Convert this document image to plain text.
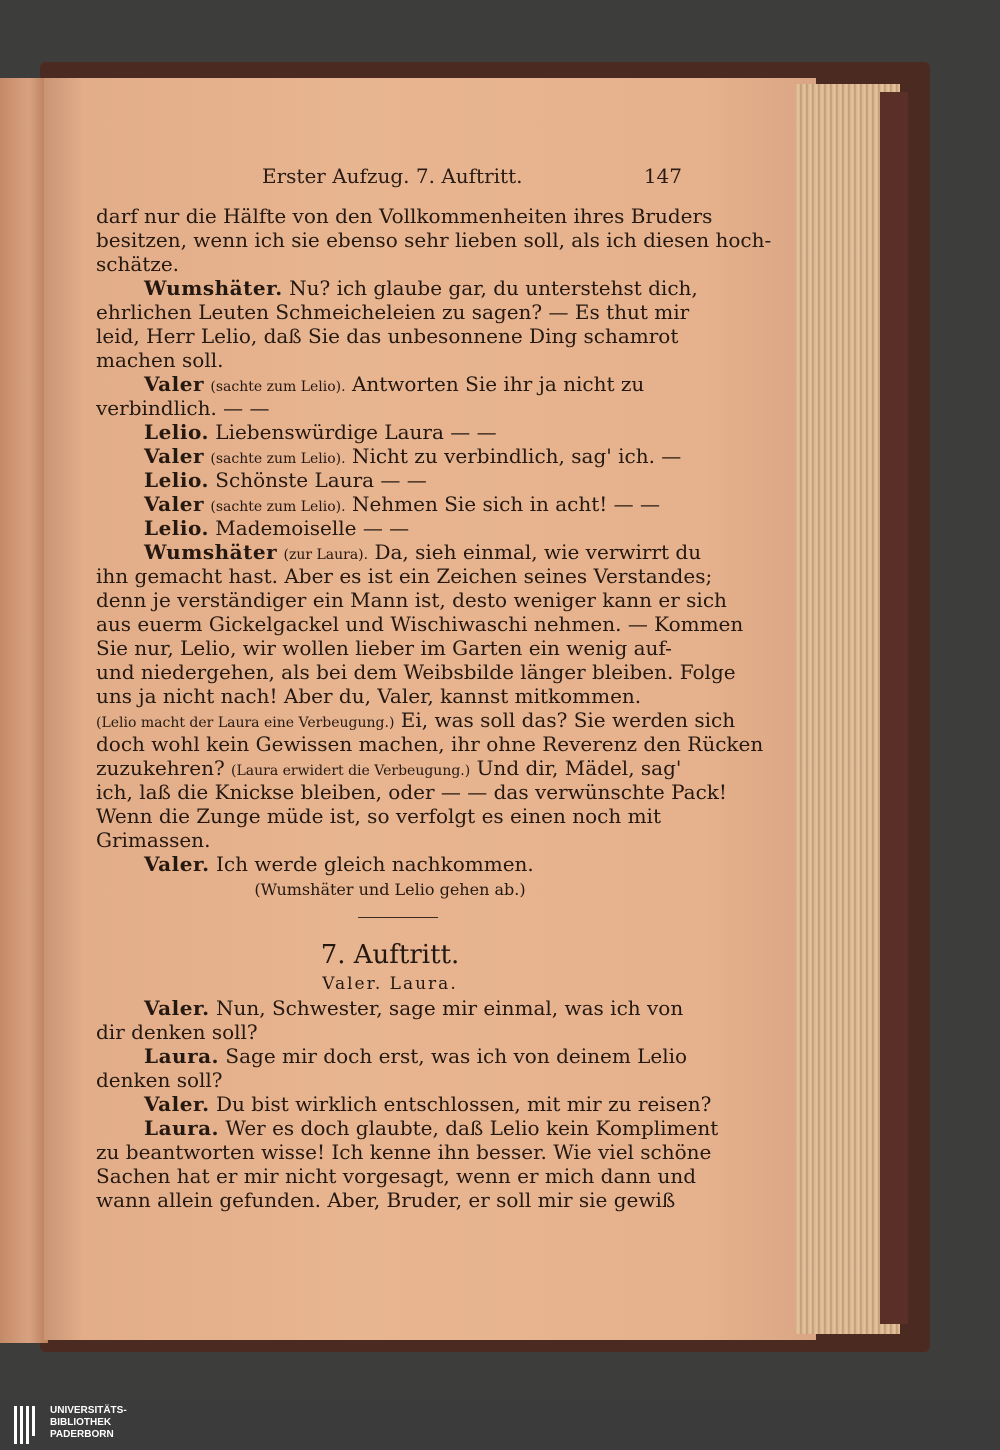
Erster Aufzug. 7. Auftritt.	147
darf nur die Hälfte von den Vollkommenheiten ihres Bruders
besitzen, wenn ich sie ebenso sehr lieben soll, als ich diesen hoch-
schätze.
Wumshäter. Nu? ich glaube gar, du unterstehst dich,
ehrlichen Leuten Schmeicheleien zu sagen? — Es thut mir
leid, Herr Lelio, daß Sie das unbesonnene Ding schamrot
machen soll.
Valer (sachte zum Lelio). Antworten Sie ihr ja nicht zu
verbindlich. — —
Lelio. Liebenswürdige Laura — —
Valer (sachte zum Lelio). Nicht zu verbindlich, sag' ich. —
Lelio. Schönste Laura — —
Valer (sachte zum Lelio). Nehmen Sie sich in acht! — —
Lelio. Mademoiselle — —
Wumshäter (zur Laura). Da, sieh einmal, wie verwirrt du
ihn gemacht hast. Aber es ist ein Zeichen seines Verstandes;
denn je verständiger ein Mann ist, desto weniger kann er sich
aus euerm Gickelgackel und Wischiwaschi nehmen. — Kommen
Sie nur, Lelio, wir wollen lieber im Garten ein wenig auf-
und niedergehen, als bei dem Weibsbilde länger bleiben. Folge
uns ja nicht nach! Aber du, Valer, kannst mitkommen.
(Lelio macht der Laura eine Verbeugung.) Ei, was soll das? Sie werden sich
doch wohl kein Gewissen machen, ihr ohne Reverenz den Rücken
zuzukehren? (Laura erwidert die Verbeugung.) Und dir, Mädel, sag'
ich, laß die Knickse bleiben, oder — — das verwünschte Pack!
Wenn die Zunge müde ist, so verfolgt es einen noch mit
Grimassen.
Valer. Ich werde gleich nachkommen.
(Wumshäter und Lelio gehen ab.)
7. Auftritt.
Valer. Laura.
Valer. Nun, Schwester, sage mir einmal, was ich von
dir denken soll?
Laura. Sage mir doch erst, was ich von deinem Lelio
denken soll?
Valer. Du bist wirklich entschlossen, mit mir zu reisen?
Laura. Wer es doch glaubte, daß Lelio kein Kompliment
zu beantworten wisse! Ich kenne ihn besser. Wie viel schöne
Sachen hat er mir nicht vorgesagt, wenn er mich dann und
wann allein gefunden. Aber, Bruder, er soll mir sie gewiß
UNIVERSITÄTS-
BIBLIOTHEK
PADERBORN
